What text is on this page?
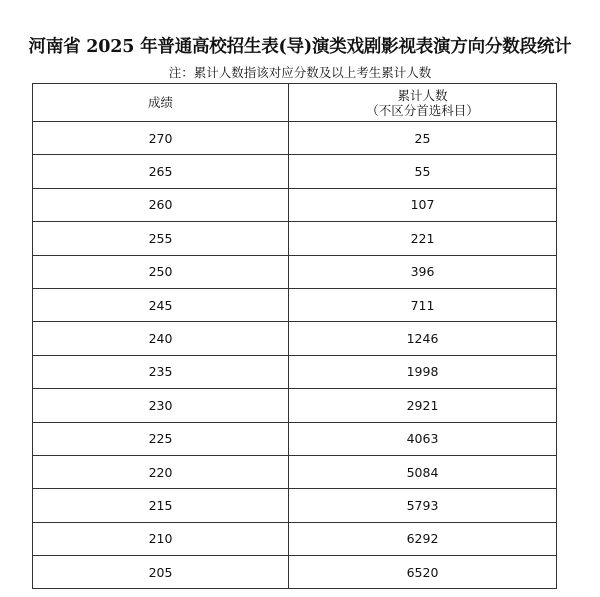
河南省 2025 年普通高校招生表(导)演类戏剧影视表演方向分数段统计
注：累计人数指该对应分数及以上考生累计人数
成绩	累计人数
（不区分首选科目）

270	25
265	55
260	107
255	221
250	396
245	711
240	1246
235	1998
230	2921
225	4063
220	5084
215	5793
210	6292
205	6520
